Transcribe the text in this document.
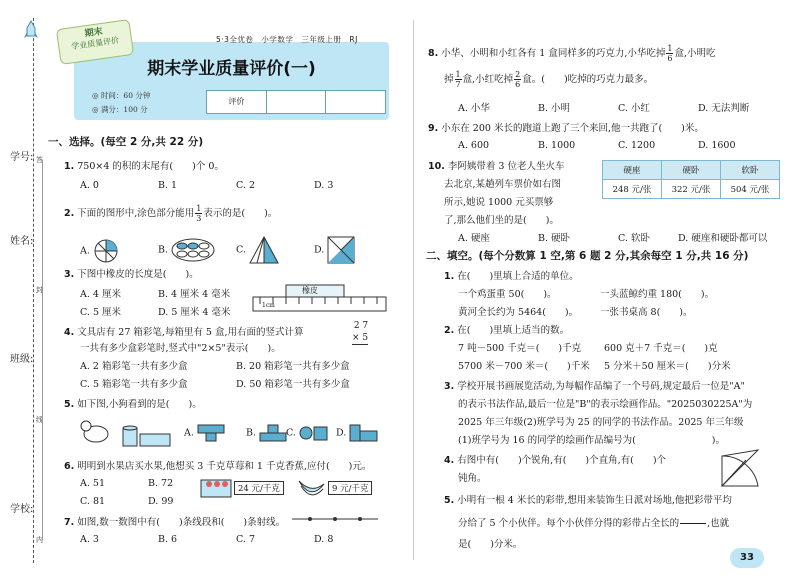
学号:
姓名:
班级:
学校:
答
封
线
内
期末学业质量评价(一)
◎ 时间：60 分钟
◎ 满分：100 分
评价
5·3全优卷　小学数学　三年级上册　RJ
期末
学业质量评价
一、选择。(每空 2 分,共 22 分)
1. 750×4 的积的末尾有(　　)个 0。
A. 0	B. 1	C. 2	D. 3
2. 下面的图形中,涂色部分能用 $\frac{1}{3}$ 表示的是(　　)。
A.	B.	C.	D.
3. 下图中橡皮的长度是(　　)。
A. 4 厘米	B. 4 厘米 4 毫米
C. 5 厘米	D. 5 厘米 4 毫米
橡皮
1cm
4. 文具店有 27 箱彩笔,每箱里有 5 盒,用右面的竖式计算
一共有多少盒彩笔时,竖式中"2×5"表示(　　)。
2 7
× 5
A. 2 箱彩笔一共有多少盒	B. 20 箱彩笔一共有多少盒
C. 5 箱彩笔一共有多少盒	D. 50 箱彩笔一共有多少盒
5. 如下图,小狗看到的是(　　)。
A.	B.	C.	D.
6. 明明到水果店买水果,他想买 3 千克草莓和 1 千克香蕉,应付(　　)元。
A. 51	B. 72
C. 81	D. 99
24 元/千克	9 元/千克
7. 如图,数一数图中有(　　)条线段和(　　)条射线。
A. 3	B. 6	C. 7	D. 8
8. 小华、小明和小红各有 1 盒同样多的巧克力,小华吃掉 $\frac{1}{6}$ 盒,小明吃
掉 $\frac{1}{7}$ 盒,小红吃掉 $\frac{2}{6}$ 盒。(　　)吃掉的巧克力最多。
A. 小华	B. 小明	C. 小红	D. 无法判断
9. 小东在 200 米长的跑道上跑了三个来回,他一共跑了(　　)米。
A. 600	B. 1000	C. 1200	D. 1600
10. 李阿姨带着 3 位老人坐火车
去北京,某趟列车票价如右图
所示,她说 1000 元买票够
了,那么他们坐的是(　　)。
硬座	硬卧	软卧
248 元/张	322 元/张	504 元/张
A. 硬座	B. 硬卧	C. 软卧	D. 硬座和硬卧都可以
二、填空。(每个分数算 1 空,第 6 题 2 分,其余每空 1 分,共 16 分)
1. 在(　　)里填上合适的单位。
一个鸡蛋重 50(　　)。	一头蓝鲸约重 180(　　)。
黄河全长约为 5464(　　)。 一张书桌高 8(　　)。
2. 在(　　)里填上适当的数。
7 吨－500 千克＝(　　)千克 600 克＋7 千克＝(　　)克
5700 米－700 米＝(　　)千米 5 分米＋50 厘米＝(　　)分米
3. 学校开展书画展览活动,为每幅作品编了一个号码,规定最后一位是"A"
的表示书法作品,最后一位是"B"的表示绘画作品。"2025030225A"为
2025 年三年级(2)班学号为 25 的同学的书法作品。2025 年三年级
(1)班学号为 16 的同学的绘画作品编号为(　　　　　　　　)。
4. 右图中有(　　)个锐角,有(　　)个直角,有(　　)个
钝角。
5. 小明有一根 4 米长的彩带,想用来装饰生日派对场地,他把彩带平均
分给了 5 个小伙伴。每个小伙伴分得的彩带占全长的

	,也就
是(　　)分米。
33
